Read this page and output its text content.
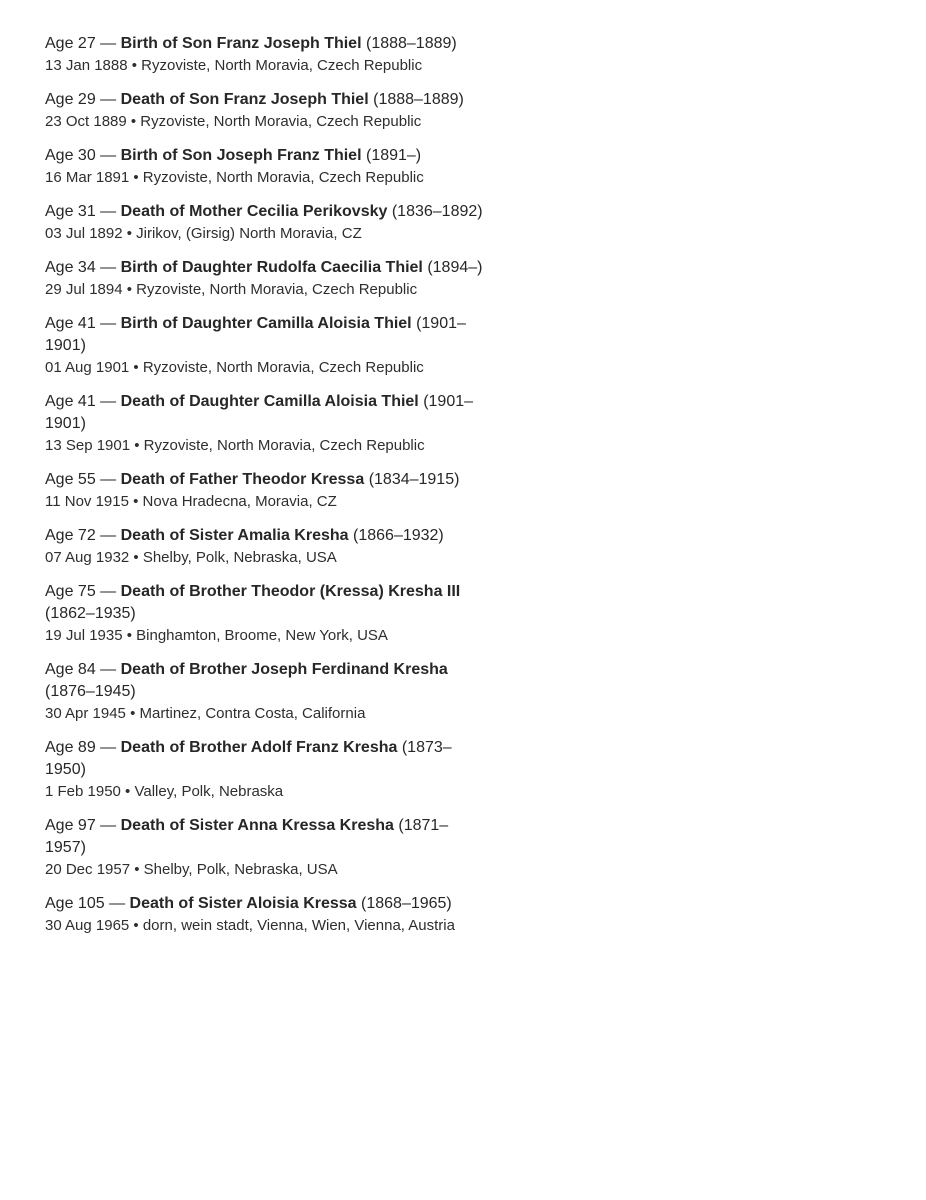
Age 27 — Birth of Son Franz Joseph Thiel (1888–1889)

13 Jan 1888 • Ryzoviste, North Moravia, Czech Republic

Age 29 — Death of Son Franz Joseph Thiel (1888–1889)

23 Oct 1889 • Ryzoviste, North Moravia, Czech Republic

Age 30 — Birth of Son Joseph Franz Thiel (1891–)

16 Mar 1891 • Ryzoviste, North Moravia, Czech Republic

Age 31 — Death of Mother Cecilia Perikovsky (1836–1892)

03 Jul 1892 • Jirikov, (Girsig) North Moravia, CZ

Age 34 — Birth of Daughter Rudolfa Caecilia Thiel (1894–)

29 Jul 1894 • Ryzoviste, North Moravia, Czech Republic

Age 41 — Birth of Daughter Camilla Aloisia Thiel (1901–1901)

01 Aug 1901 • Ryzoviste, North Moravia, Czech Republic

Age 41 — Death of Daughter Camilla Aloisia Thiel (1901–1901)

13 Sep 1901 • Ryzoviste, North Moravia, Czech Republic

Age 55 — Death of Father Theodor Kressa (1834–1915)

11 Nov 1915 • Nova Hradecna, Moravia, CZ

Age 72 — Death of Sister Amalia Kresha (1866–1932)

07 Aug 1932 • Shelby, Polk, Nebraska, USA

Age 75 — Death of Brother Theodor (Kressa) Kresha III (1862–1935)

19 Jul 1935 • Binghamton, Broome, New York, USA

Age 84 — Death of Brother Joseph Ferdinand Kresha (1876–1945)

30 Apr 1945 • Martinez, Contra Costa, California

Age 89 — Death of Brother Adolf Franz Kresha (1873–1950)

1 Feb 1950 • Valley, Polk, Nebraska

Age 97 — Death of Sister Anna Kressa Kresha (1871–1957)

20 Dec 1957 • Shelby, Polk, Nebraska, USA

Age 105 — Death of Sister Aloisia Kressa (1868–1965)

30 Aug 1965 • dorn, wein stadt, Vienna, Wien, Vienna, Austria
